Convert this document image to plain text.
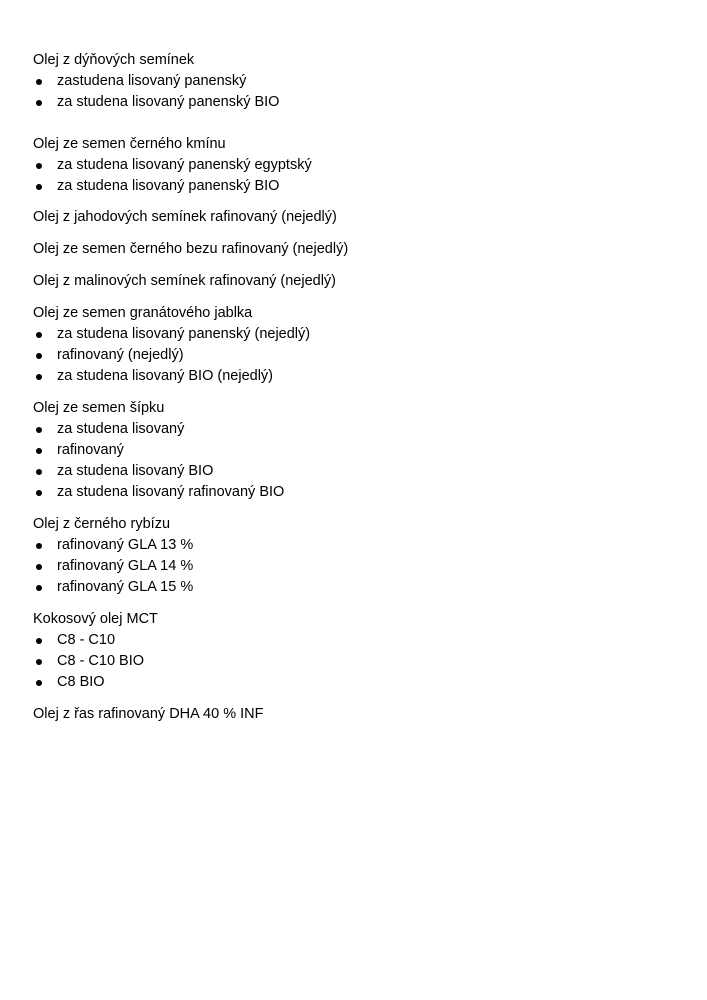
Olej z dýňových semínek
zastudena lisovaný panenský
za studena lisovaný panenský BIO
Olej ze semen černého kmínu
za studena lisovaný panenský egyptský
za studena lisovaný panenský BIO
Olej z jahodových semínek rafinovaný (nejedlý)
Olej ze semen černého bezu rafinovaný (nejedlý)
Olej z malinových semínek rafinovaný (nejedlý)
Olej ze semen granátového jablka
za studena lisovaný panenský (nejedlý)
rafinovaný (nejedlý)
za studena lisovaný BIO (nejedlý)
Olej ze semen šípku
za studena lisovaný
rafinovaný
za studena lisovaný BIO
za studena lisovaný rafinovaný BIO
Olej z černého rybízu
rafinovaný GLA 13 %
rafinovaný GLA 14 %
rafinovaný GLA 15 %
Kokosový olej MCT
C8 - C10
C8 - C10 BIO
C8 BIO
Olej z řas rafinovaný DHA 40 % INF
